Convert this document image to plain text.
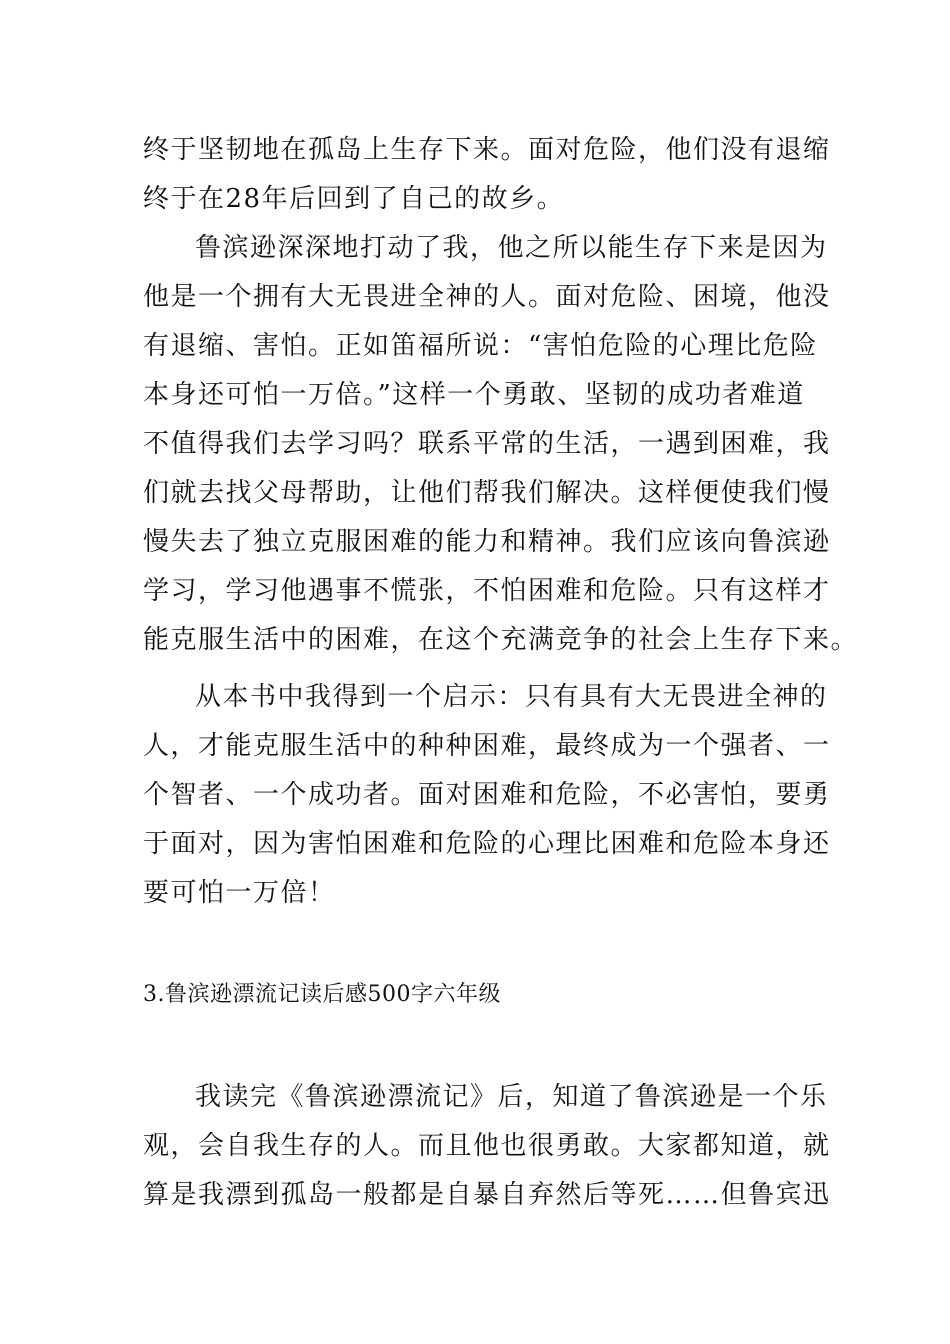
终于坚韧地在孤岛上生存下来。面对危险，他们没有退缩
终于在28年后回到了自己的故乡。
鲁滨逊深深地打动了我，他之所以能生存下来是因为
他是一个拥有大无畏进全神的人。面对危险、困境，他没
有退缩、害怕。正如笛福所说：“害怕危险的心理比危险
本身还可怕一万倍。”这样一个勇敢、坚韧的成功者难道
不值得我们去学习吗？联系平常的生活，一遇到困难，我
们就去找父母帮助，让他们帮我们解决。这样便使我们慢
慢失去了独立克服困难的能力和精神。我们应该向鲁滨逊
学习，学习他遇事不慌张，不怕困难和危险。只有这样才
能克服生活中的困难，在这个充满竞争的社会上生存下来。
从本书中我得到一个启示：只有具有大无畏进全神的
人，才能克服生活中的种种困难，最终成为一个强者、一
个智者、一个成功者。面对困难和危险，不必害怕，要勇
于面对，因为害怕困难和危险的心理比困难和危险本身还
要可怕一万倍！
3.鲁滨逊漂流记读后感500字六年级
我读完《鲁滨逊漂流记》后，知道了鲁滨逊是一个乐
观，会自我生存的人。而且他也很勇敢。大家都知道，就
算是我漂到孤岛一般都是自暴自弃然后等死……但鲁宾迅
